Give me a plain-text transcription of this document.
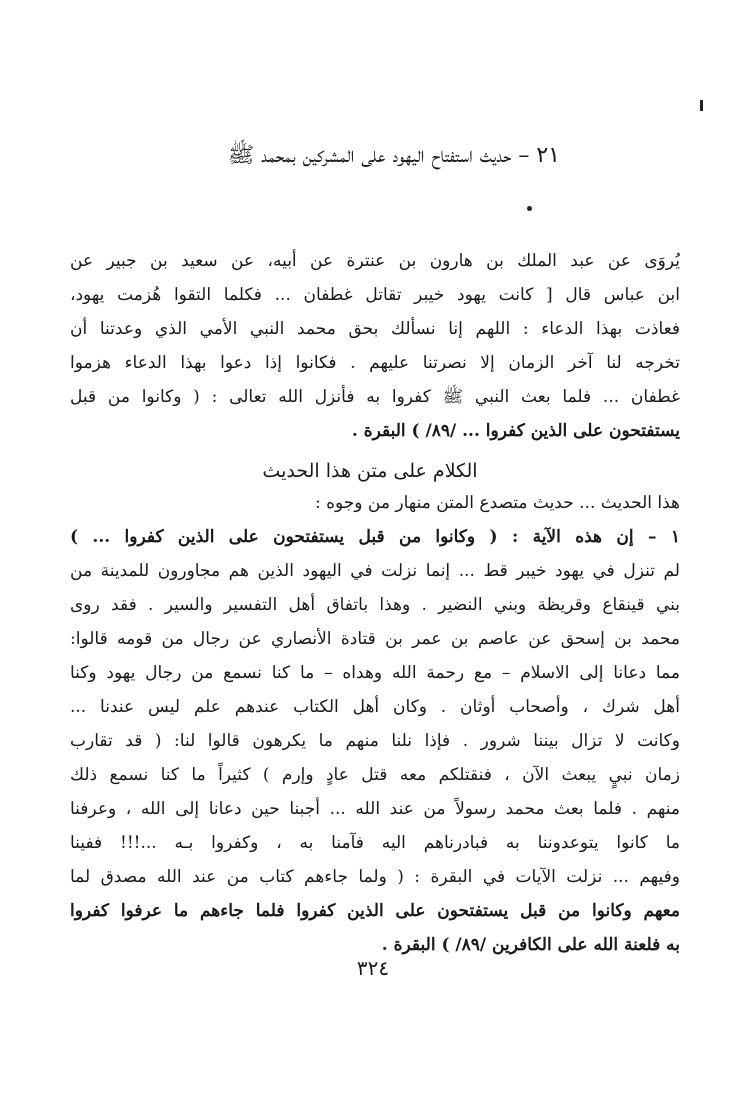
٢١ – حديث استفتاح اليهود على المشركين بمحمد ﷺ
يُروَى عن عبد الملك بن هارون بن عنترة عن أبيه، عن سعيد بن جبير عن
ابن عباس قال [ كانت يهود خيبر تقاتل غطفان ... فكلما التقوا هُزمت يهود،
فعاذت بهذا الدعاء : اللهم إنا نسألك بحق محمد النبي الأمي الذي وعدتنا أن
تخرجه لنا آخر الزمان إلا نصرتنا عليهم . فكانوا إذا دعوا بهذا الدعاء هزموا
غطفان ... فلما بعث النبي ﷺ كفروا به فأنزل الله تعالى : ( وكانوا من قبل
يستفتحون على الذين كفروا ... /٨٩/ ) البقرة .
الكلام على متن هذا الحديث
هذا الحديث ... حديث متصدع المتن منهار من وجوه :
١ – إن هذه الآية : ( وكانوا من قبل يستفتحون على الذين كفروا ... )
لم تنزل في يهود خيبر قط ... إنما نزلت في اليهود الذين هم مجاورون للمدينة من
بني قينقاع وقريظة وبني النضير . وهذا باتفاق أهل التفسير والسير . فقد روى
محمد بن إسحق عن عاصم بن عمر بن قتادة الأنصاري عن رجال من قومه قالوا:
مما دعانا إلى الاسلام – مع رحمة الله وهداه – ما كنا نسمع من رجال يهود وكنا
أهل شرك ، وأصحاب أوثان . وكان أهل الكتاب عندهم علم ليس عندنا ...
وكانت لا تزال بيننا شرور . فإذا نلنا منهم ما يكرهون قالوا لنا: ( قد تقارب
زمان نبيٍ يبعث الآن ، فنقتلكم معه قتل عادٍ وإرم ) كثيراً ما كنا نسمع ذلك
منهم . فلما بعث محمد رسولاً من عند الله ... أجبنا حين دعانا إلى الله ، وعرفنا
ما كانوا يتوعدوننا به فبادرناهم اليه فآمنا به ، وكفروا بـه ...!!! ففينا
وفيهم ... نزلت الآيات في البقرة : ( ولما جاءهم كتاب من عند الله مصدق لما
معهم وكانوا من قبل يستفتحون على الذين كفروا فلما جاءهم ما عرفوا كفروا
به فلعنة الله على الكافرين /٨٩/ ) البقرة .
٣٢٤
